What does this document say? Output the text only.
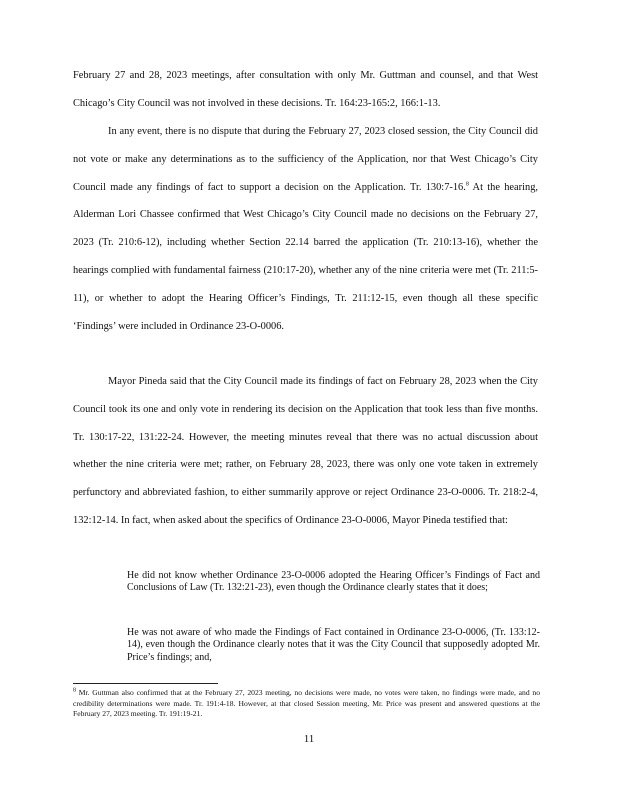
February 27 and 28, 2023 meetings, after consultation with only Mr. Guttman and counsel, and that West Chicago’s City Council was not involved in these decisions. Tr. 164:23-165:2, 166:1-13.

In any event, there is no dispute that during the February 27, 2023 closed session, the City Council did not vote or make any determinations as to the sufficiency of the Application, nor that West Chicago’s City Council made any findings of fact to support a decision on the Application. Tr. 130:7-16.$^8$ At the hearing, Alderman Lori Chassee confirmed that West Chicago’s City Council made no decisions on the February 27, 2023 (Tr. 210:6-12), including whether Section 22.14 barred the application (Tr. 210:13-16), whether the hearings complied with fundamental fairness (210:17-20), whether any of the nine criteria were met (Tr. 211:5-11), or whether to adopt the Hearing Officer’s Findings, Tr. 211:12-15, even though all these specific ‘Findings’ were included in Ordinance 23-O-0006.

Mayor Pineda said that the City Council made its findings of fact on February 28, 2023 when the City Council took its one and only vote in rendering its decision on the Application that took less than five months. Tr. 130:17-22, 131:22-24. However, the meeting minutes reveal that there was no actual discussion about whether the nine criteria were met; rather, on February 28, 2023, there was only one vote taken in extremely perfunctory and abbreviated fashion, to either summarily approve or reject Ordinance 23-O-0006. Tr. 218:2-4, 132:12-14. In fact, when asked about the specifics of Ordinance 23-O-0006, Mayor Pineda testified that:

He did not know whether Ordinance 23-O-0006 adopted the Hearing Officer’s Findings of Fact and Conclusions of Law (Tr. 132:21-23), even though the Ordinance clearly states that it does;

He was not aware of who made the Findings of Fact contained in Ordinance 23-O-0006, (Tr. 133:12-14), even though the Ordinance clearly notes that it was the City Council that supposedly adopted Mr. Price’s findings; and,

$^8$ Mr. Guttman also confirmed that at the February 27, 2023 meeting, no decisions were made, no votes were taken, no findings were made, and no credibility determinations were made. Tr. 191:4-18. However, at that closed Session meeting, Mr. Price was present and answered questions at the February 27, 2023 meeting. Tr. 191:19-21.
11
